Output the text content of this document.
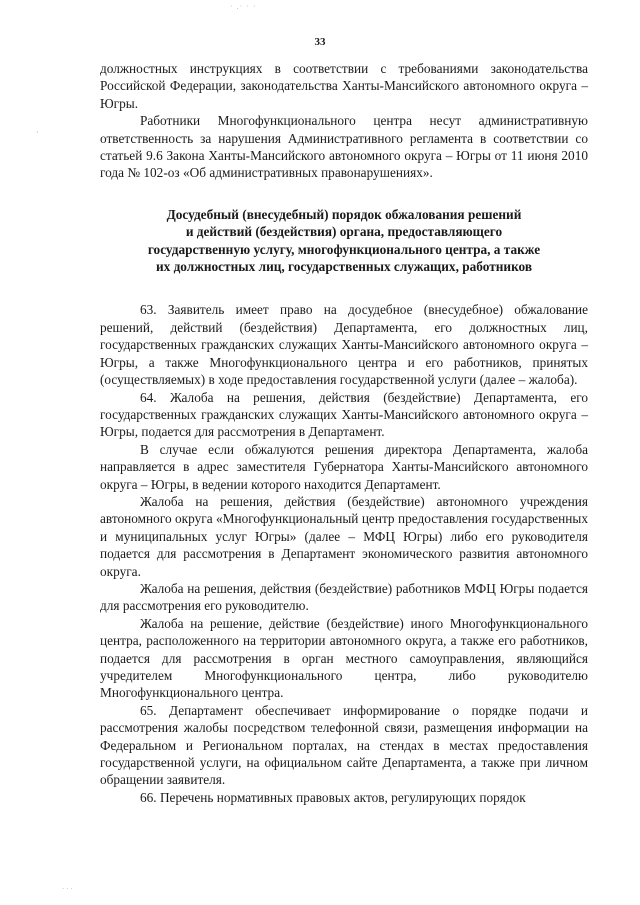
· .· · ·
33
·

должностных инструкциях в соответствии с требованиями законодательства Российской Федерации, законодательства Ханты-Мансийского автономного округа – Югры.

Работники Многофункционального центра несут административную ответственность за нарушения Административного регламента в соответствии со статьей 9.6 Закона Ханты-Мансийского автономного округа – Югры от 11 июня 2010 года № 102-оз «Об административных правонарушениях».

Досудебный (внесудебный) порядок обжалования решений
и действий (бездействия) органа, предоставляющего
государственную услугу, многофункционального центра, а также
их должностных лиц, государственных служащих, работников

63. Заявитель имеет право на досудебное (внесудебное) обжалование решений, действий (бездействия) Департамента, его должностных лиц, государственных гражданских служащих Ханты-Мансийского автономного округа – Югры, а также Многофункционального центра и его работников, принятых (осуществляемых) в ходе предоставления государственной услуги (далее – жалоба).

64. Жалоба на решения, действия (бездействие) Департамента, его государственных гражданских служащих Ханты-Мансийского автономного округа – Югры, подается для рассмотрения в Департамент.

В случае если обжалуются решения директора Департамента, жалоба направляется в адрес заместителя Губернатора Ханты-Мансийского автономного округа – Югры, в ведении которого находится Департамент.

Жалоба на решения, действия (бездействие) автономного учреждения автономного округа «Многофункциональный центр предоставления государственных и муниципальных услуг Югры» (далее – МФЦ Югры) либо его руководителя подается для рассмотрения в Департамент экономического развития автономного округа.

Жалоба на решения, действия (бездействие) работников МФЦ Югры подается для рассмотрения его руководителю.

Жалоба на решение, действие (бездействие) иного Многофункционального центра, расположенного на территории автономного округа, а также его работников, подается для рассмотрения в орган местного самоуправления, являющийся учредителем Многофункционального центра, либо руководителю Многофункционального центра.

65. Департамент обеспечивает информирование о порядке подачи и рассмотрения жалобы посредством телефонной связи, размещения информации на Федеральном и Региональном порталах, на стендах в местах предоставления государственной услуги, на официальном сайте Департамента, а также при личном обращении заявителя.

66. Перечень нормативных правовых актов, регулирующих порядок

· · ·
